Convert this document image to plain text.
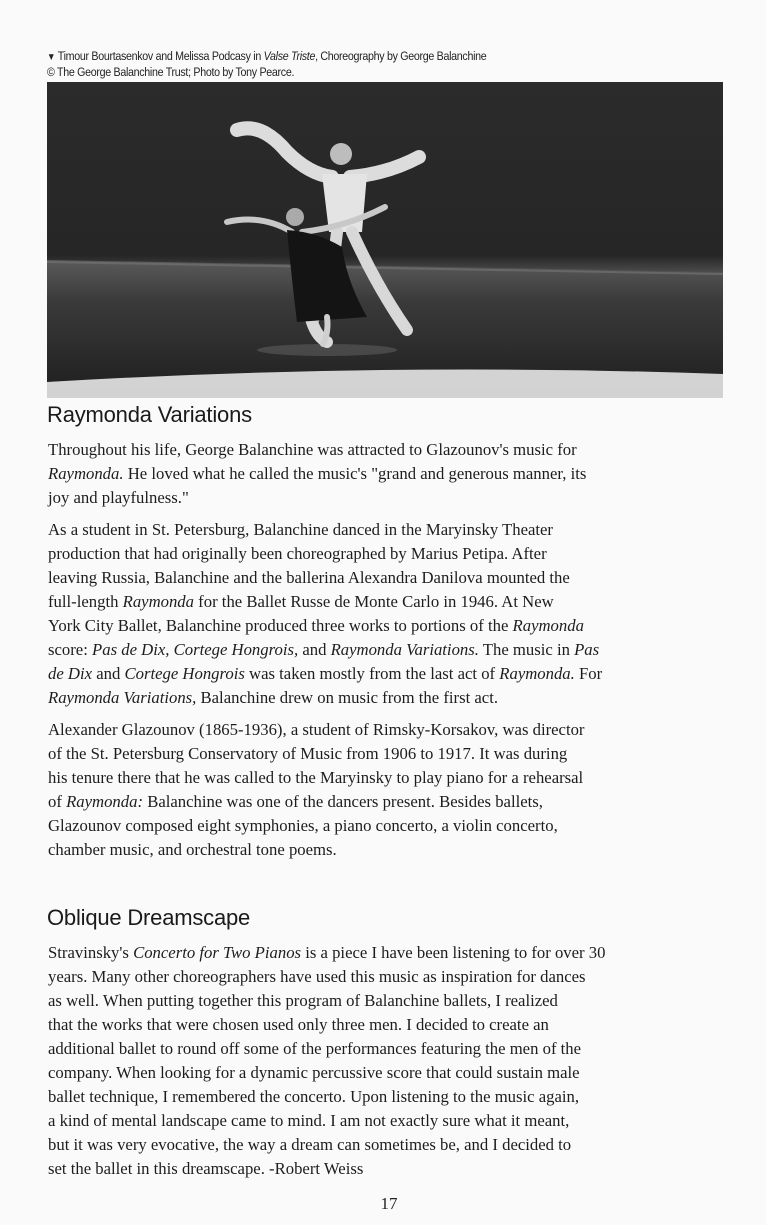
▼ Timour Bourtasenkov and Melissa Podcasy in Valse Triste, Choreography by George Balanchine
© The George Balanchine Trust; Photo by Tony Pearce.
Raymonda Variations

Throughout his life, George Balanchine was attracted to Glazounov's music for
Raymonda. He loved what he called the music's "grand and generous manner, its
joy and playfulness."

As a student in St. Petersburg, Balanchine danced in the Maryinsky Theater
production that had originally been choreographed by Marius Petipa. After
leaving Russia, Balanchine and the ballerina Alexandra Danilova mounted the
full-length Raymonda for the Ballet Russe de Monte Carlo in 1946. At New
York City Ballet, Balanchine produced three works to portions of the Raymonda
score: Pas de Dix, Cortege Hongrois, and Raymonda Variations. The music in Pas
de Dix and Cortege Hongrois was taken mostly from the last act of Raymonda. For
Raymonda Variations, Balanchine drew on music from the first act.

Alexander Glazounov (1865-1936), a student of Rimsky-Korsakov, was director
of the St. Petersburg Conservatory of Music from 1906 to 1917. It was during
his tenure there that he was called to the Maryinsky to play piano for a rehearsal
of Raymonda: Balanchine was one of the dancers present. Besides ballets,
Glazounov composed eight symphonies, a piano concerto, a violin concerto,
chamber music, and orchestral tone poems.

Oblique Dreamscape

Stravinsky's Concerto for Two Pianos is a piece I have been listening to for over 30
years. Many other choreographers have used this music as inspiration for dances
as well. When putting together this program of Balanchine ballets, I realized
that the works that were chosen used only three men. I decided to create an
additional ballet to round off some of the performances featuring the men of the
company. When looking for a dynamic percussive score that could sustain male
ballet technique, I remembered the concerto. Upon listening to the music again,
a kind of mental landscape came to mind. I am not exactly sure what it meant,
but it was very evocative, the way a dream can sometimes be, and I decided to
set the ballet in this dreamscape. -Robert Weiss

17
